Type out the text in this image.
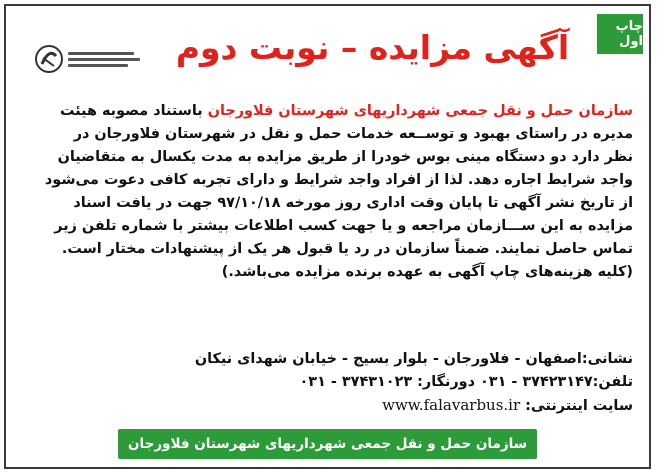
چاپ اول
آگهی مزایده – نوبت دوم
سازمان حمل و نقل جمعی شهرداریهای شهرستان فلاورجان باستناد مصوبه هیئت
مدیره در راستای بهبود و توســعه خدمات حمل و نقل در شهرستان فلاورجان در
نظر دارد دو دستگاه مینی بوس خودرا از طریق مزایده به مدت یکسال به متقاضیان
واجد شرایط اجاره دهد. لذا از افراد واجد شرایط و دارای تجربه کافی دعوت می‌شود
از تاریخ نشر آگهی تا پایان وقت اداری روز مورخه ۹۷/۱۰/۱۸ جهت در یافت اسناد
مزایده به این ســـازمان مراجعه و یا جهت کسب اطلاعات بیشتر با شماره تلفن زیر
تماس حاصل نمایند. ضمناً سازمان در رد یا قبول هر یک از پیشنهادات مختار است.
(کلیه هزینه‌های چاپ آگهی به عهده برنده مزایده می‌باشد.)
نشانی:اصفهان - فلاورجان - بلوار بسیج - خیابان شهدای نیکان
تلفن:۳۷۴۲۳۱۴۷ - ۰۳۱ دورنگار: ۳۷۴۳۱۰۲۳ - ۰۳۱
سایت اینترنتی: www.falavarbus.ir
سازمان حمل و نقل جمعی شهرداریهای شهرستان فلاورجان
